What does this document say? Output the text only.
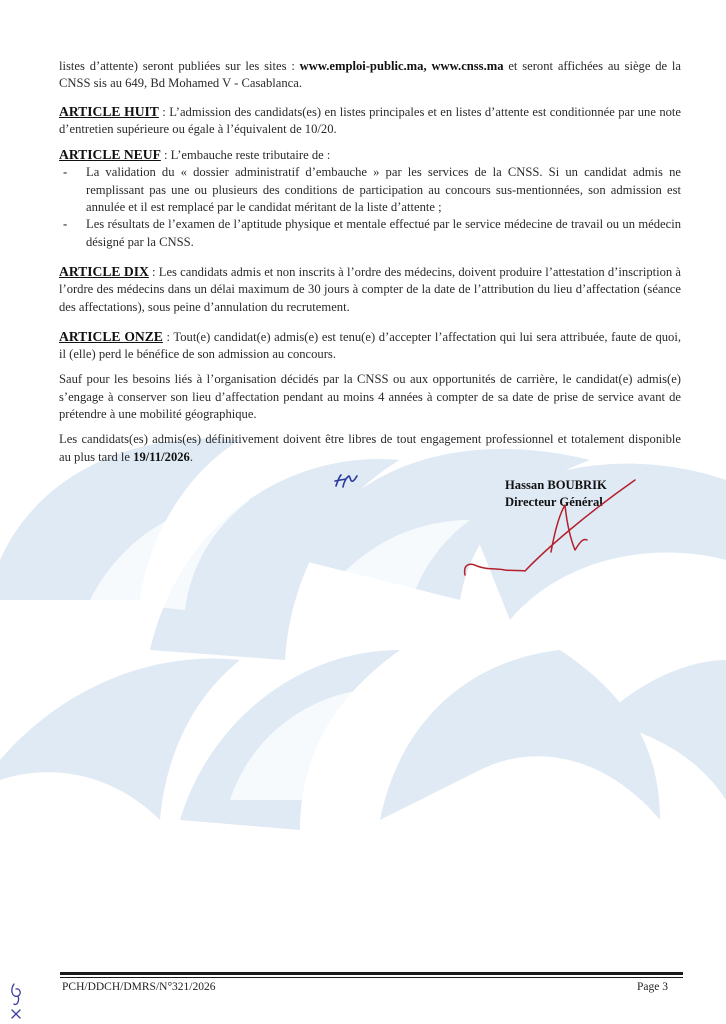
listes d’attente) seront publiées sur les sites : www.emploi-public.ma, www.cnss.ma et seront affichées au siège de la CNSS sis au 649, Bd Mohamed V - Casablanca.

ARTICLE HUIT : L’admission des candidats(es) en listes principales et en listes d’attente est conditionnée par une note d’entretien supérieure ou égale à l’équivalent de 10/20.

ARTICLE NEUF : L’embauche reste tributaire de :

- La validation du « dossier administratif d’embauche » par les services de la CNSS. Si un candidat admis ne remplissant pas une ou plusieurs des conditions de participation au concours sus-mentionnées, son admission est annulée et il est remplacé par le candidat méritant de la liste d’attente ;
- Les résultats de l’examen de l’aptitude physique et mentale effectué par le service médecine de travail ou un médecin désigné par la CNSS.

ARTICLE DIX : Les candidats admis et non inscrits à l’ordre des médecins, doivent produire l’attestation d’inscription à l’ordre des médecins dans un délai maximum de 30 jours à compter de la date de l’attribution du lieu d’affectation (séance des affectations), sous peine d’annulation du recrutement.

ARTICLE ONZE : Tout(e) candidat(e) admis(e) est tenu(e) d’accepter l’affectation qui lui sera attribuée, faute de quoi, il (elle) perd le bénéfice de son admission au concours.

Sauf pour les besoins liés à l’organisation décidés par la CNSS ou aux opportunités de carrière, le candidat(e) admis(e) s’engage à conserver son lieu d’affectation pendant au moins 4 années à compter de sa date de prise de service avant de prétendre à une mobilité géographique.

Les candidats(es) admis(es) définitivement doivent être libres de tout engagement professionnel et totalement disponible au plus tard le 19/11/2026.

Hassan BOUBRIK
Directeur Général
PCH/DDCH/DMRS/N°321/2026	Page 3
